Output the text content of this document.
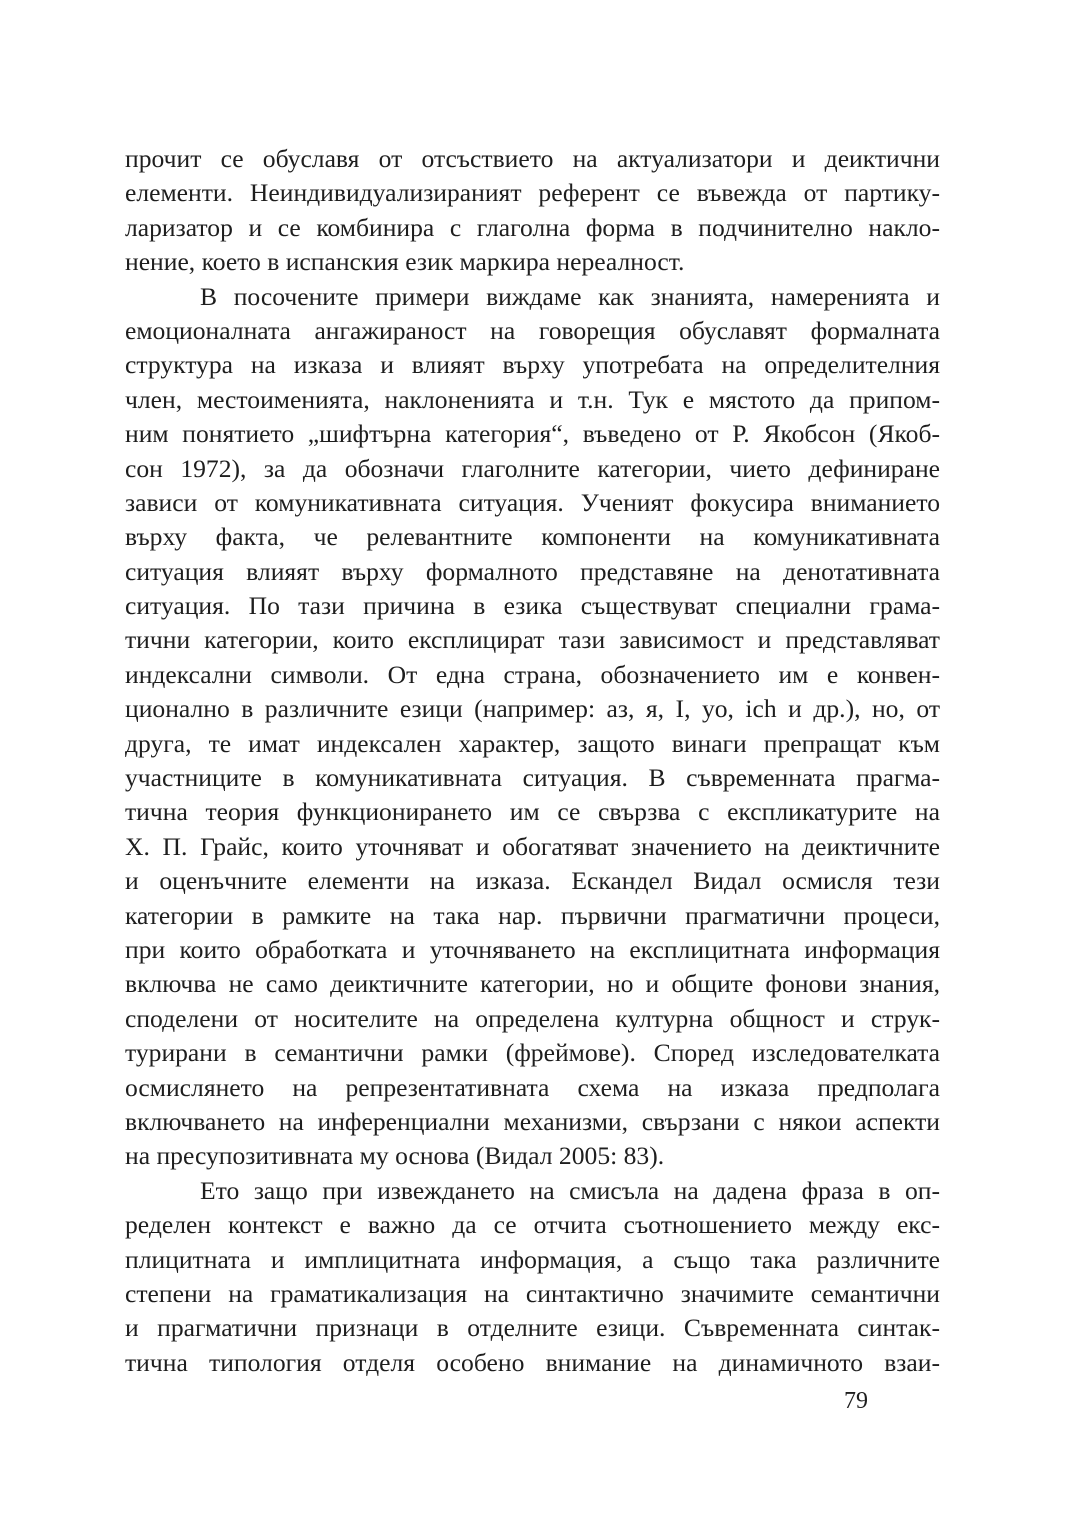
прочит се обуславя от отсъствието на актуализатори и деиктични
елементи. Неиндивидуализираният референт се въвежда от партику-
ларизатор и се комбинира с глаголна форма в подчинително накло-
нение, което в испанския език маркира нереалност.
В посочените примери виждаме как знанията, намеренията и
емоционалната ангажираност на говорещия обуславят формалната
структура на изказа и влияят върху употребата на определителния
член, местоименията, наклоненията и т.н. Тук е мястото да припом-
ним понятието „шифтърна категория“, въведено от Р. Якобсон (Якоб-
сон 1972), за да обозначи глаголните категории, чието дефиниране
зависи от комуникативната ситуация. Ученият фокусира вниманието
върху факта, че релевантните компоненти на комуникативната
ситуация влияят върху формалното представяне на денотативната
ситуация. По тази причина в езика съществуват специални грама-
тични категории, които експлицират тази зависимост и представляват
индексални символи. От една страна, обозначението им е конвен-
ционално в различните езици (например: аз, я, I, yo, ich и др.), но, от
друга, те имат индексален характер, защото винаги препращат към
участниците в комуникативната ситуация. В съвременната прагма-
тична теория функционирането им се свързва с експликатурите на
Х. П. Грайс, които уточняват и обогатяват значението на деиктичните
и оценъчните елементи на изказа. Ескандел Видал осмисля тези
категории в рамките на така нар. първични прагматични процеси,
при които обработката и уточняването на експлицитната информация
включва не само деиктичните категории, но и общите фонови знания,
споделени от носителите на определена културна общност и струк-
турирани в семантични рамки (фреймове). Според изследователката
осмислянето на репрезентативната схема на изказа предполага
включването на инференциални механизми, свързани с някои аспекти
на пресупозитивната му основа (Видал 2005: 83).
Ето защо при извеждането на смисъла на дадена фраза в оп-
ределен контекст е важно да се отчита съотношението между екс-
плицитната и имплицитната информация, а също така различните
степени на граматикализация на синтактично значимите семантични
и прагматични признаци в отделните езици. Съвременната синтак-
тична типология отделя особено внимание на динамичното взаи-
79
